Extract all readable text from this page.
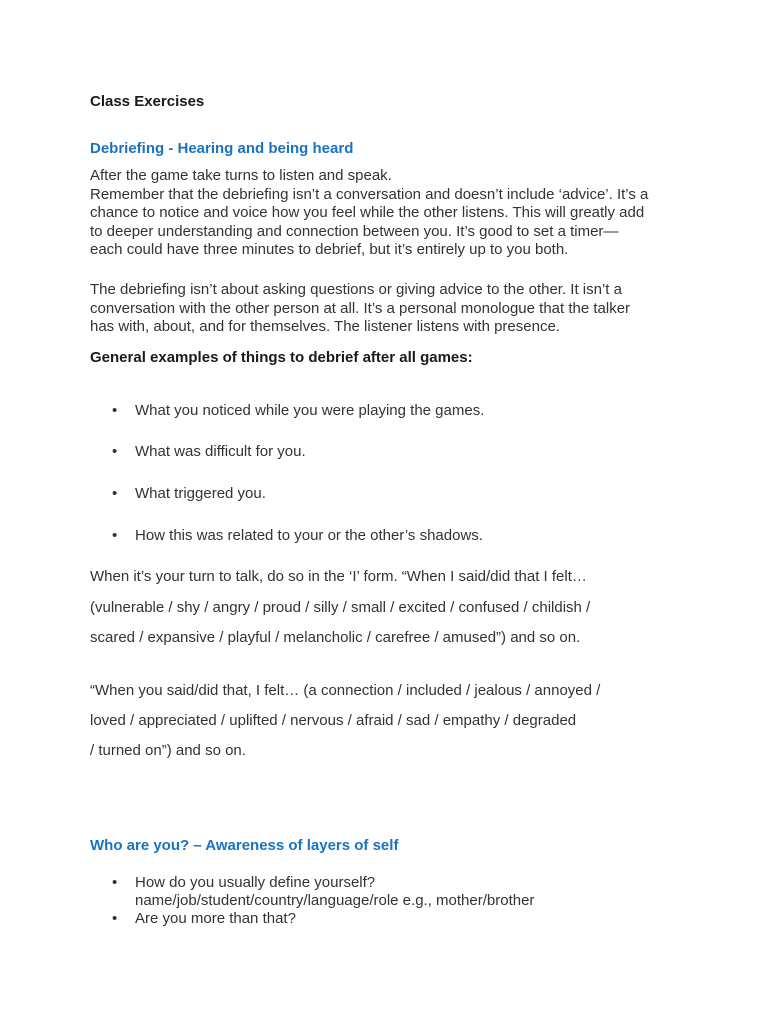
Class Exercises
Debriefing - Hearing and being heard
After the game take turns to listen and speak.
Remember that the debriefing isn’t a conversation and doesn’t include ‘advice’. It’s a
chance to notice and voice how you feel while the other listens. This will greatly add
to deeper understanding and connection between you. It’s good to set a timer—
each could have three minutes to debrief, but it’s entirely up to you both.
The debriefing isn’t about asking questions or giving advice to the other. It isn’t a
conversation with the other person at all. It’s a personal monologue that the talker
has with, about, and for themselves. The listener listens with presence.
General examples of things to debrief after all games:
• What you noticed while you were playing the games.
• What was difficult for you.
• What triggered you.
• How this was related to your or the other’s shadows.
When it’s your turn to talk, do so in the ‘I’ form. “When I said/did that I felt…
(vulnerable / shy / angry / proud / silly / small / excited / confused / childish /
scared / expansive / playful / melancholic / carefree / amused”) and so on.
“When you said/did that, I felt… (a connection / included / jealous / annoyed /
loved / appreciated / uplifted / nervous / afraid / sad / empathy / degraded
/ turned on”) and so on.
Who are you? – Awareness of layers of self
• How do you usually define yourself?
name/job/student/country/language/role e.g., mother/brother
• Are you more than that?
